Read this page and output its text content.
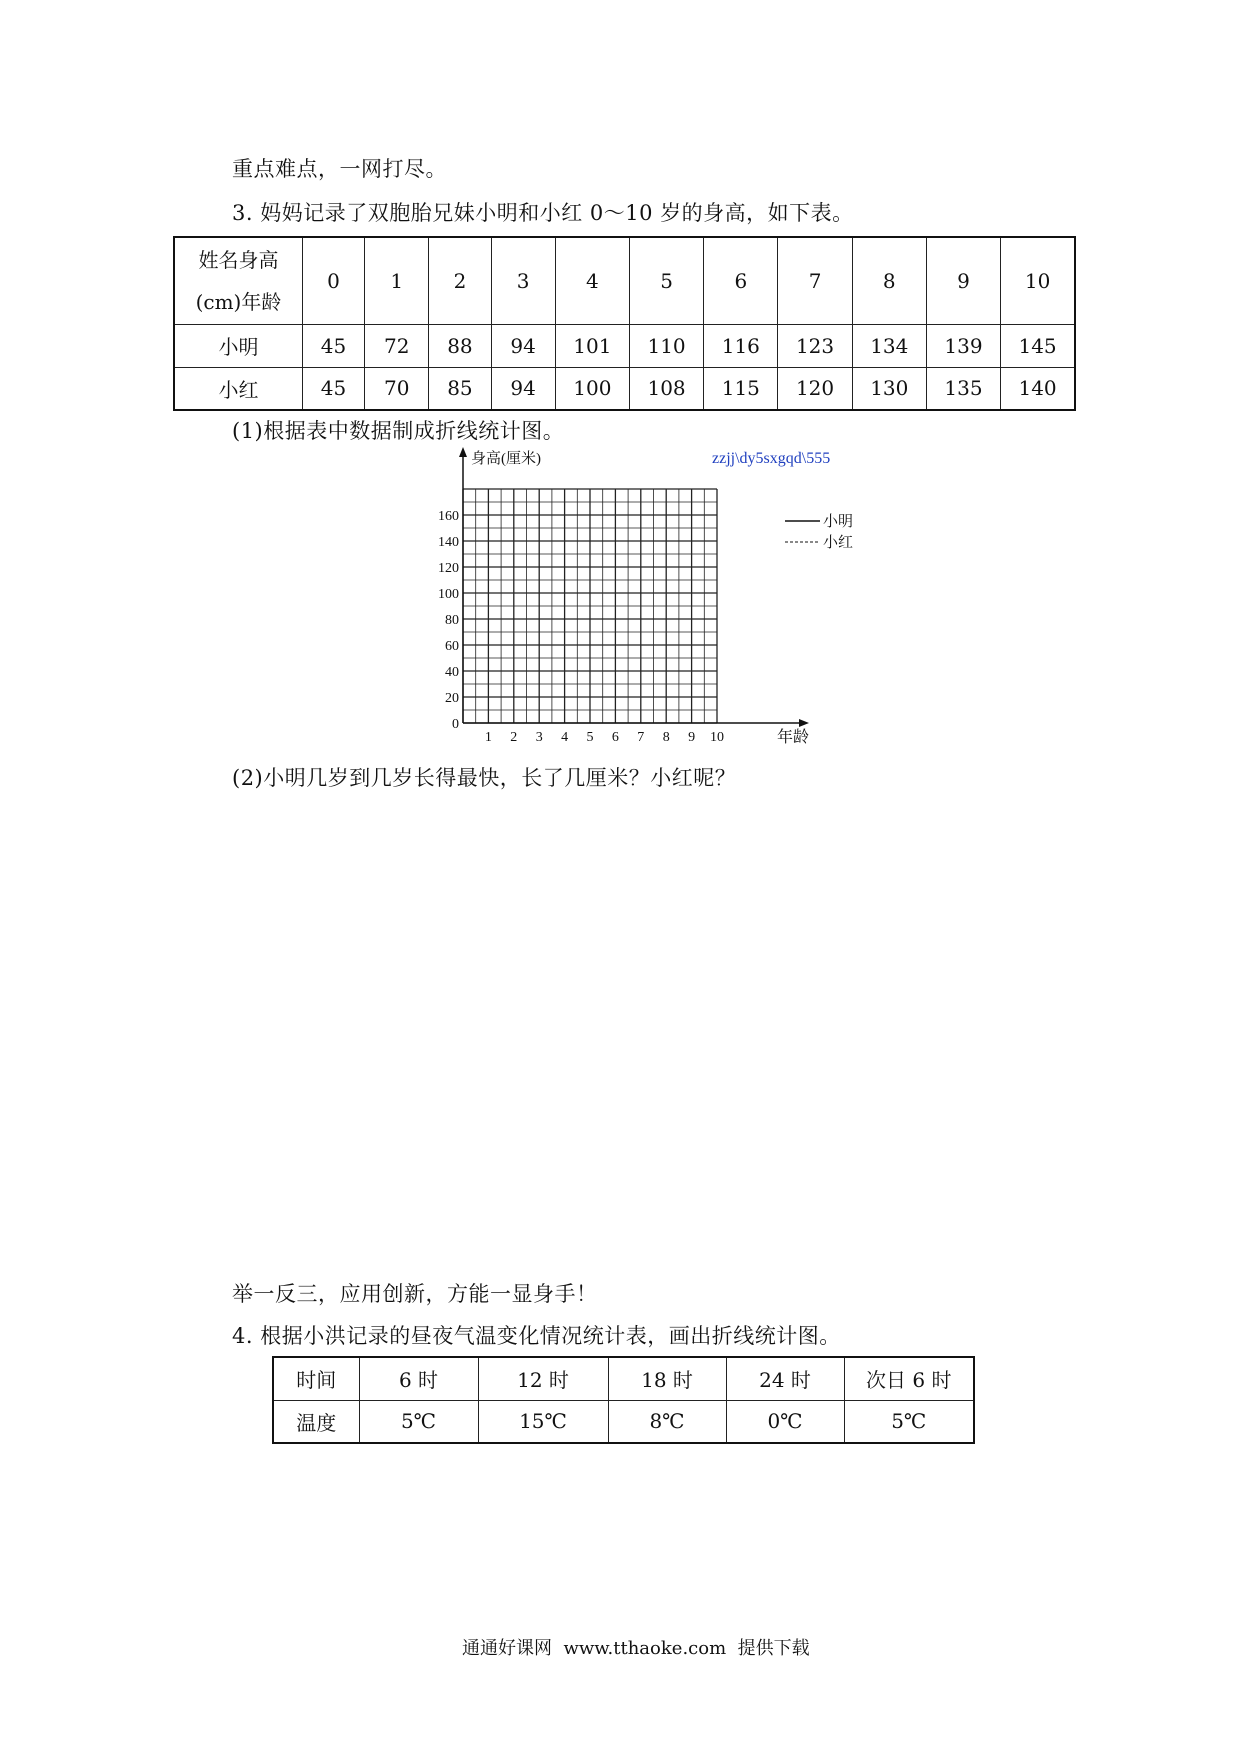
重点难点，一网打尽。
3. 妈妈记录了双胞胎兄妹小明和小红 0～10 岁的身高，如下表。
姓名身高
(cm)年龄	0	1	2	3	4	5	6	7	8	9	10
小明	45	72	88	94	101	110	116	123	134	139	145
小红	45	70	85	94	100	108	115	120	130	135	140
(1)根据表中数据制成折线统计图。
0
20
40
60
80
100
120
140
160
1 2 3 4 5 6 7 8 9 10
身高(厘米)
年龄
zzjj\dy5sxgqd\555
小明
小红
(2)小明几岁到几岁长得最快，长了几厘米？小红呢？
举一反三，应用创新，方能一显身手！
4. 根据小洪记录的昼夜气温变化情况统计表，画出折线统计图。
时间	6 时	12 时	18 时	24 时	次日 6 时
温度	5℃	15℃	8℃	0℃	5℃
通通好课网  www.tthaoke.com  提供下载
